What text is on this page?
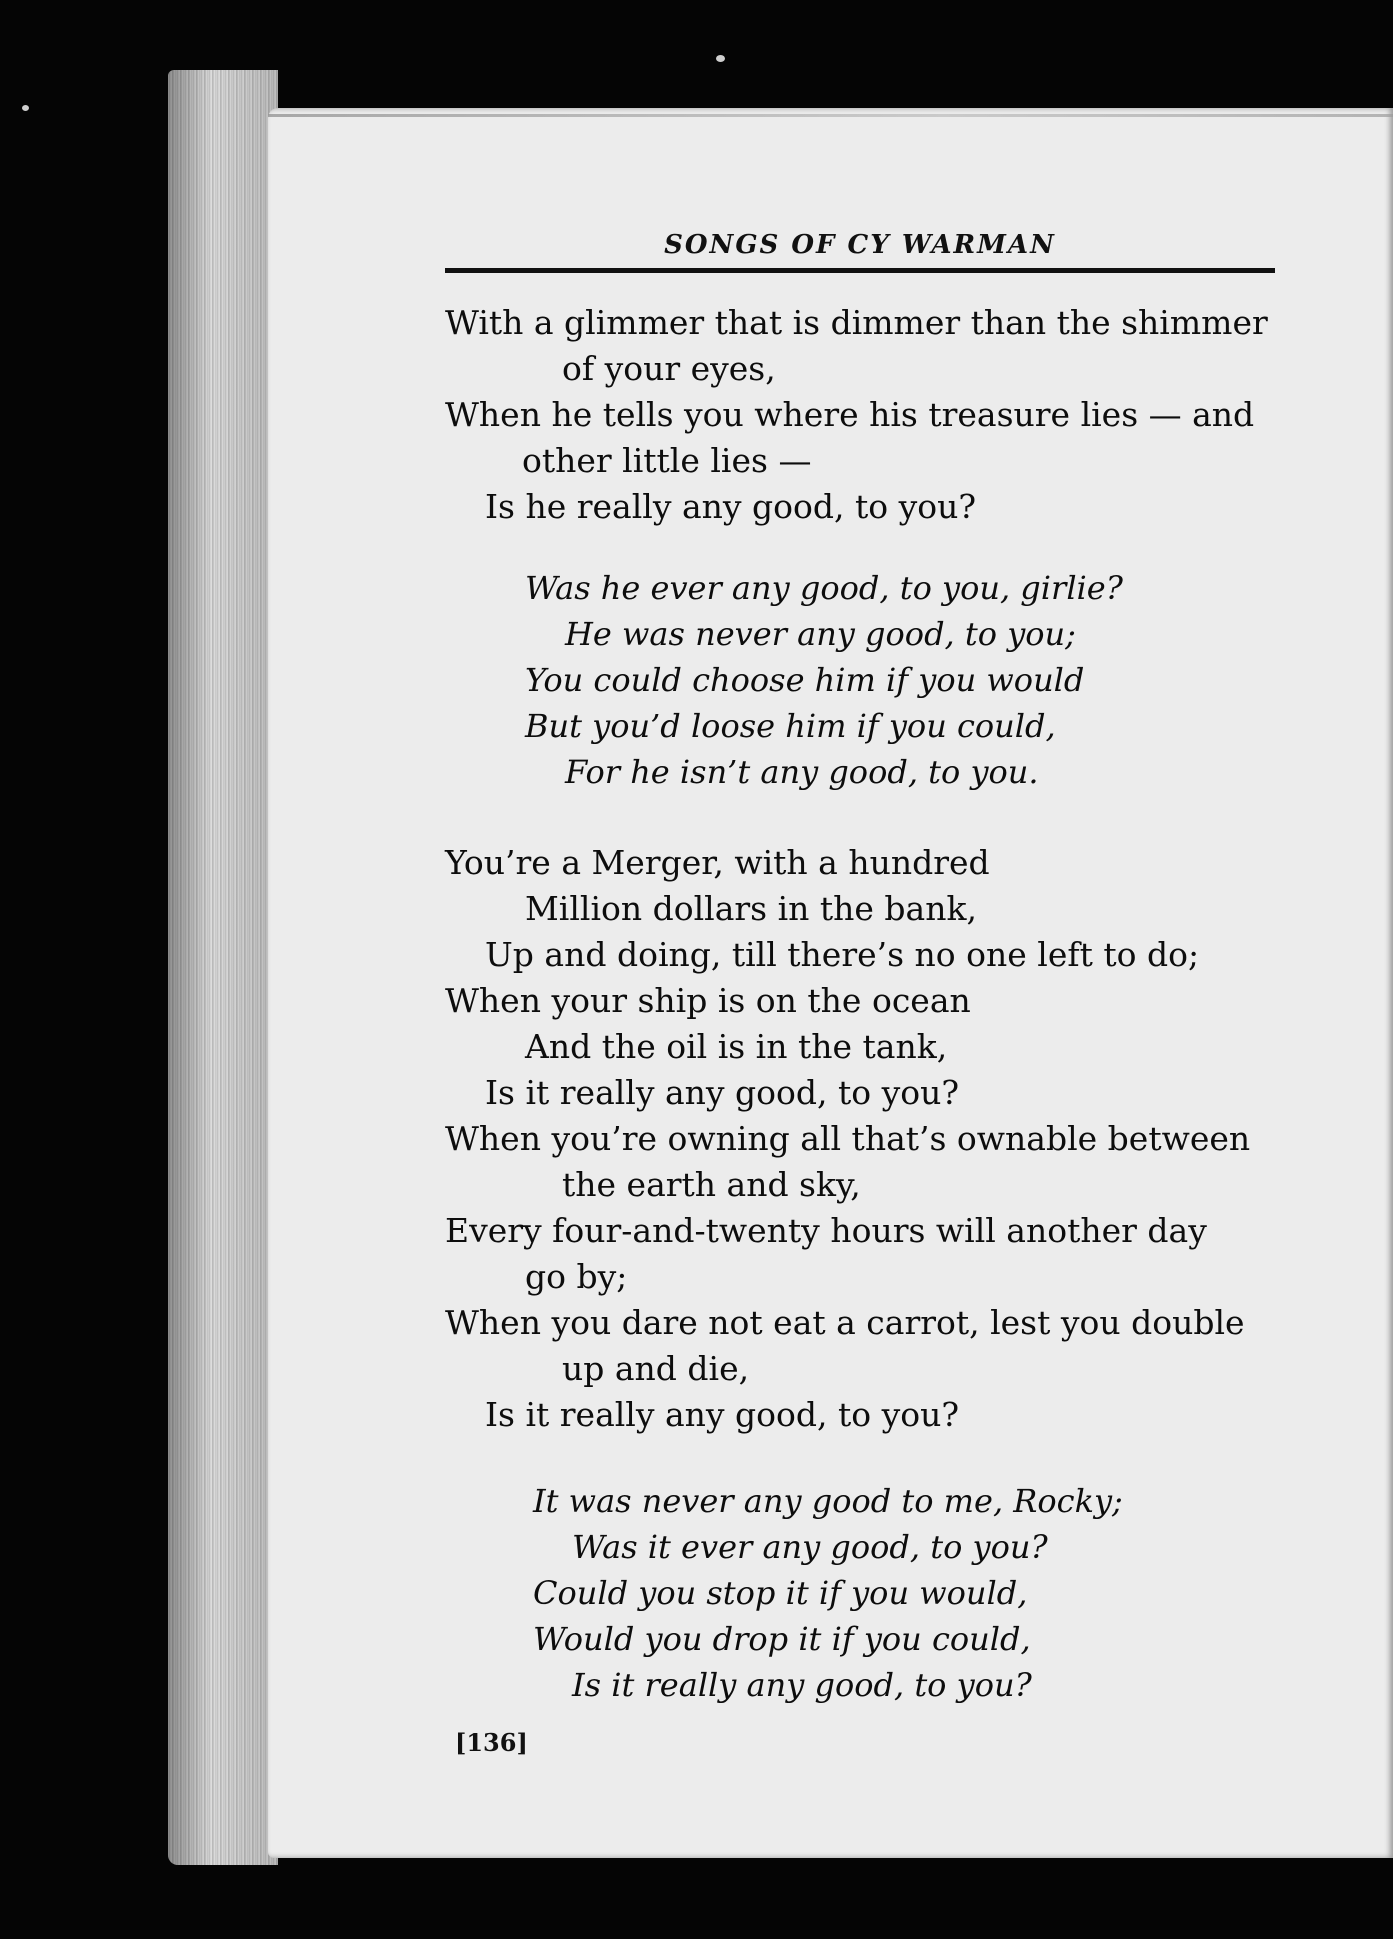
SONGS OF CY WARMAN
With a glimmer that is dimmer than the shimmer
of your eyes,
When he tells you where his treasure lies — and
other little lies —
Is he really any good, to you?
Was he ever any good, to you, girlie?
He was never any good, to you;
You could choose him if you would
But you’d loose him if you could,
For he isn’t any good, to you.
You’re a Merger, with a hundred
Million dollars in the bank,
Up and doing, till there’s no one left to do;
When your ship is on the ocean
And the oil is in the tank,
Is it really any good, to you?
When you’re owning all that’s ownable between
the earth and sky,
Every four-and-twenty hours will another day
go by;
When you dare not eat a carrot, lest you double
up and die,
Is it really any good, to you?
It was never any good to me, Rocky;
Was it ever any good, to you?
Could you stop it if you would,
Would you drop it if you could,
Is it really any good, to you?
[136]
